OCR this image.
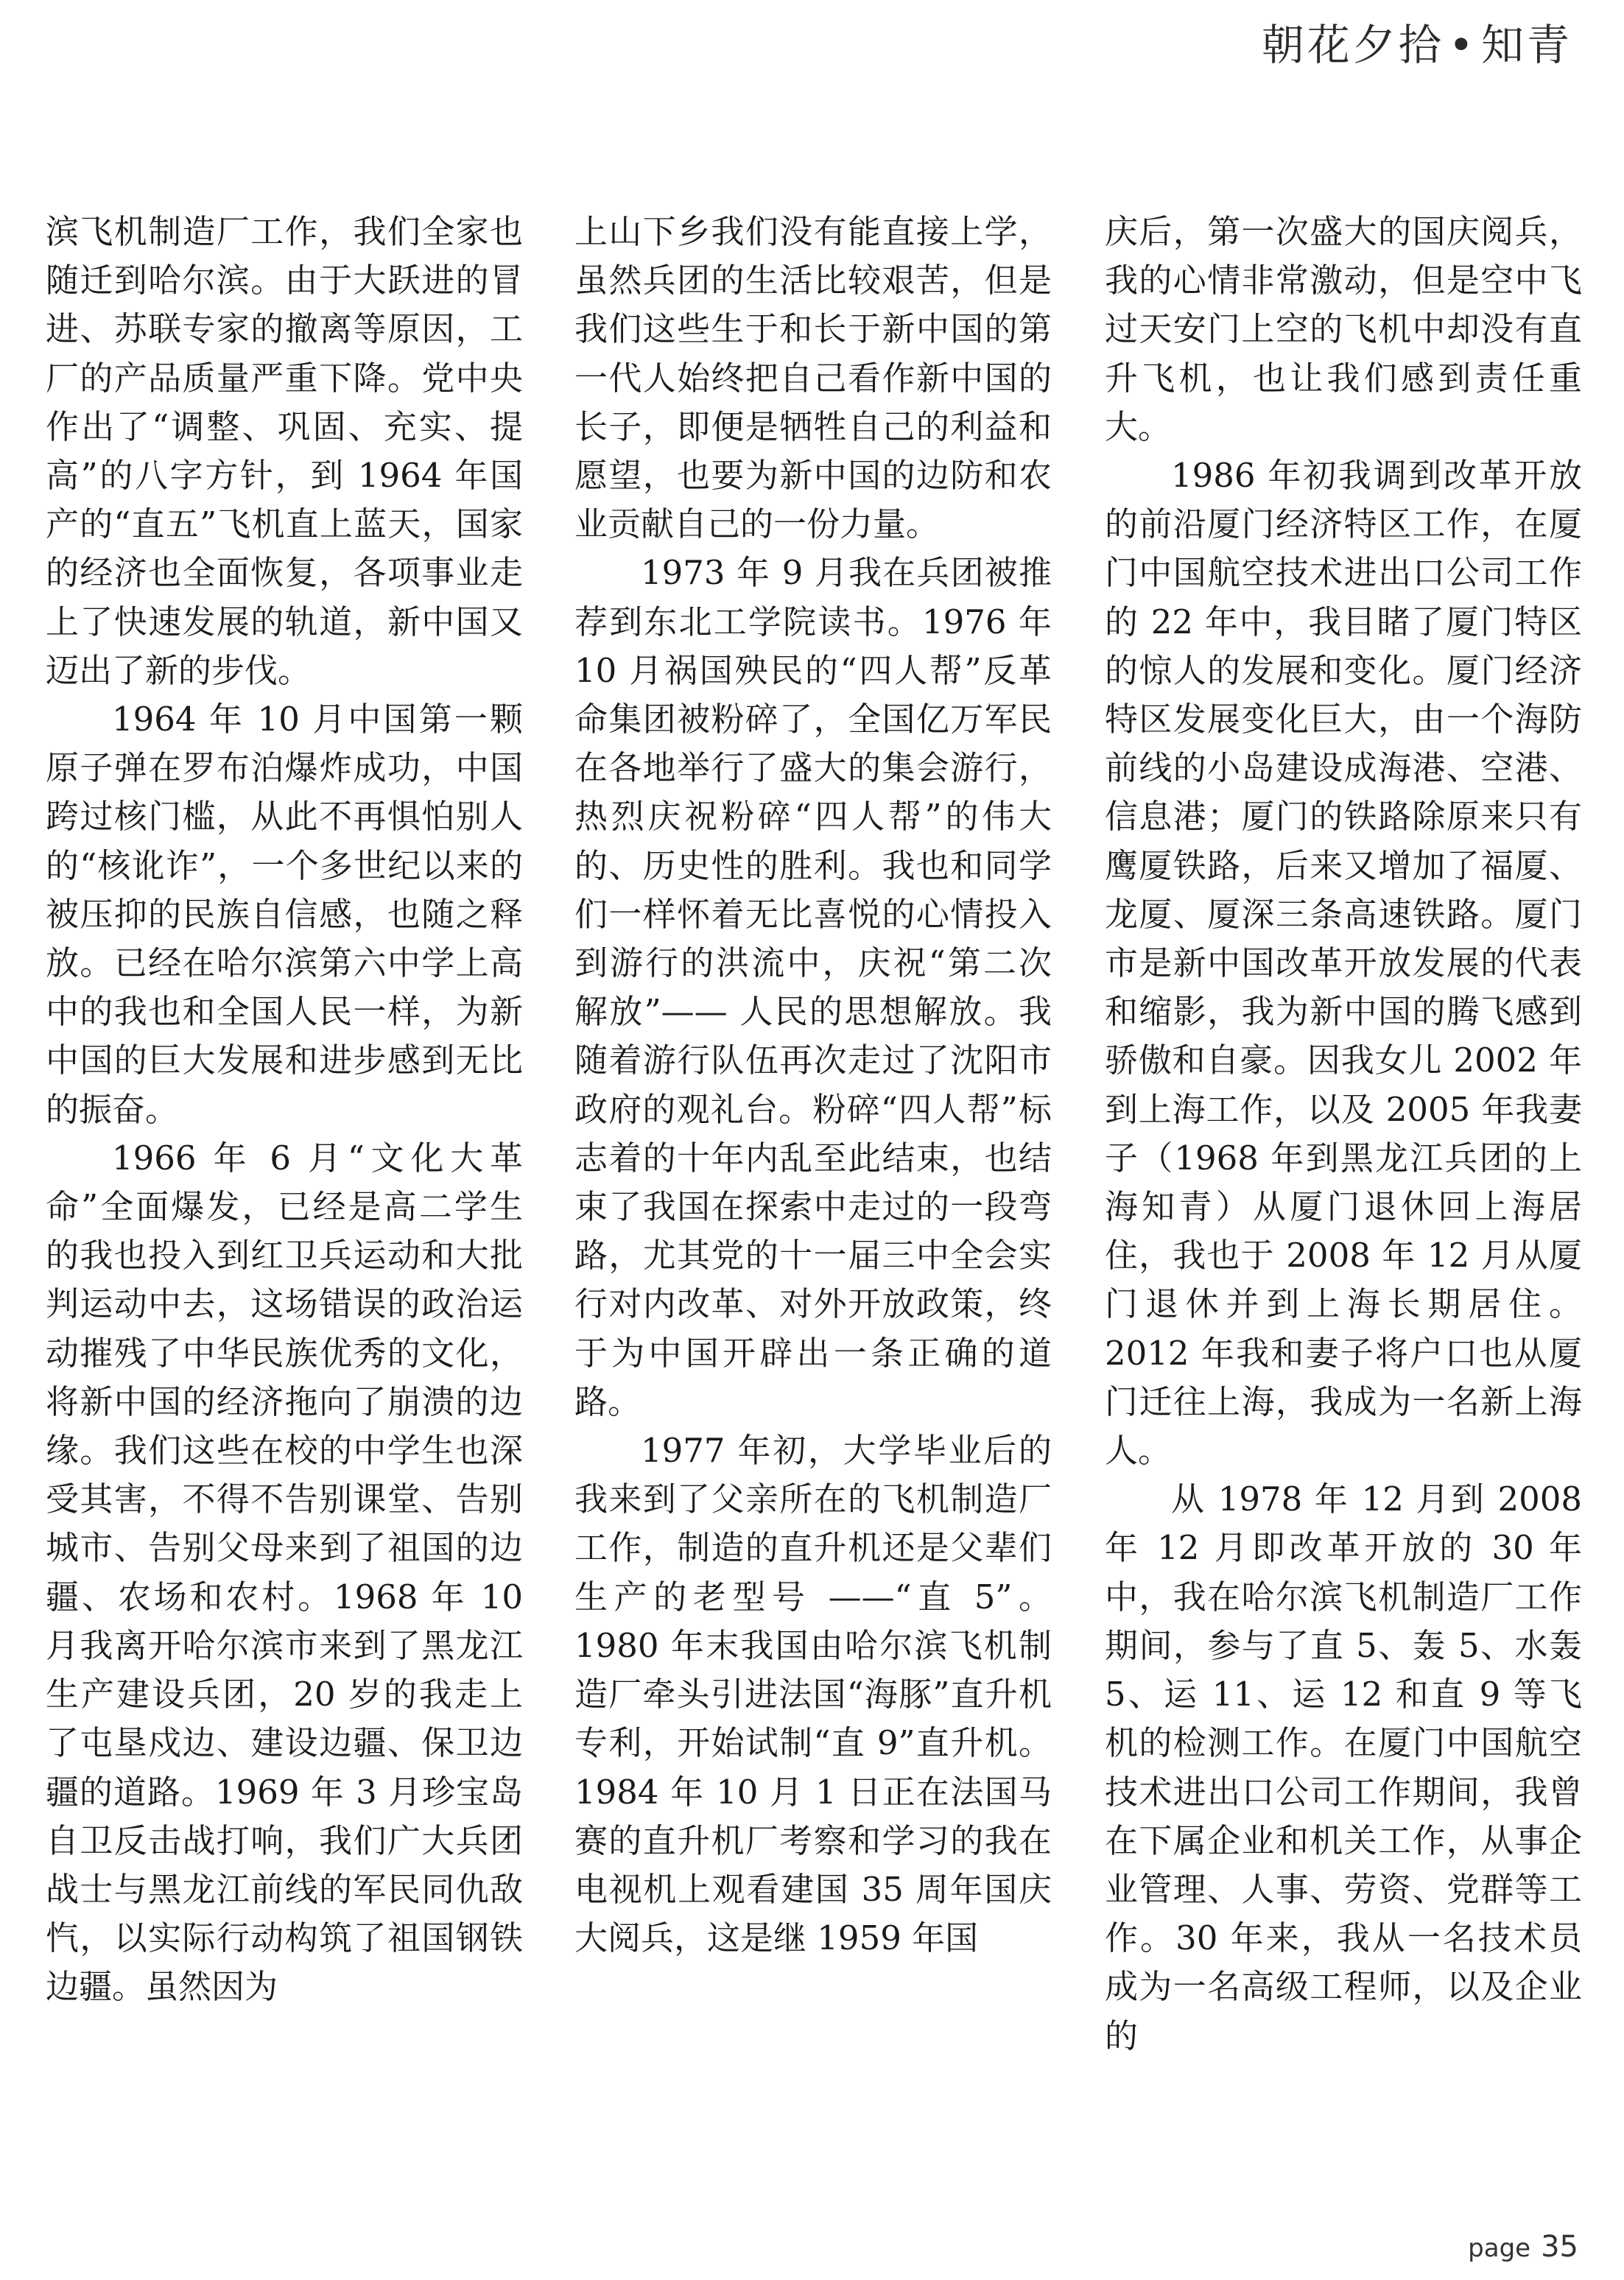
朝花夕拾 • 知青

滨飞机制造厂工作，我们全家也随迁到哈尔滨。由于大跃进的冒进、苏联专家的撤离等原因，工厂的产品质量严重下降。党中央作出了“调整、巩固、充实、提高”的八字方针，到 1964 年国产的“直五”飞机直上蓝天，国家的经济也全面恢复，各项事业走上了快速发展的轨道，新中国又迈出了新的步伐。

1964 年 10 月中国第一颗原子弹在罗布泊爆炸成功，中国跨过核门槛，从此不再惧怕别人的“核讹诈”，一个多世纪以来的被压抑的民族自信感，也随之释放。已经在哈尔滨第六中学上高中的我也和全国人民一样，为新中国的巨大发展和进步感到无比的振奋。

1966 年 6 月“文化大革命”全面爆发，已经是高二学生的我也投入到红卫兵运动和大批判运动中去，这场错误的政治运动摧残了中华民族优秀的文化，将新中国的经济拖向了崩溃的边缘。我们这些在校的中学生也深受其害，不得不告别课堂、告别城市、告别父母来到了祖国的边疆、农场和农村。1968 年 10 月我离开哈尔滨市来到了黑龙江生产建设兵团，20 岁的我走上了屯垦戍边、建设边疆、保卫边疆的道路。1969 年 3 月珍宝岛自卫反击战打响，我们广大兵团战士与黑龙江前线的军民同仇敌忾，以实际行动构筑了祖国钢铁边疆。虽然因为

上山下乡我们没有能直接上学，虽然兵团的生活比较艰苦，但是我们这些生于和长于新中国的第一代人始终把自己看作新中国的长子，即便是牺牲自己的利益和愿望，也要为新中国的边防和农业贡献自己的一份力量。

1973 年 9 月我在兵团被推荐到东北工学院读书。1976 年 10 月祸国殃民的“四人帮”反革命集团被粉碎了，全国亿万军民在各地举行了盛大的集会游行，热烈庆祝粉碎“四人帮”的伟大的、历史性的胜利。我也和同学们一样怀着无比喜悦的心情投入到游行的洪流中，庆祝“第二次解放”—— 人民的思想解放。我随着游行队伍再次走过了沈阳市政府的观礼台。粉碎“四人帮”标志着的十年内乱至此结束，也结束了我国在探索中走过的一段弯路，尤其党的十一届三中全会实行对内改革、对外开放政策，终于为中国开辟出一条正确的道路。

1977 年初，大学毕业后的我来到了父亲所在的飞机制造厂工作，制造的直升机还是父辈们生产的老型号 ——“直 5”。1980 年末我国由哈尔滨飞机制造厂牵头引进法国“海豚”直升机专利，开始试制“直 9”直升机。1984 年 10 月 1 日正在法国马赛的直升机厂考察和学习的我在电视机上观看建国 35 周年国庆大阅兵，这是继 1959 年国

庆后，第一次盛大的国庆阅兵，我的心情非常激动，但是空中飞过天安门上空的飞机中却没有直升飞机，也让我们感到责任重大。

1986 年初我调到改革开放的前沿厦门经济特区工作，在厦门中国航空技术进出口公司工作的 22 年中，我目睹了厦门特区的惊人的发展和变化。厦门经济特区发展变化巨大，由一个海防前线的小岛建设成海港、空港、信息港；厦门的铁路除原来只有鹰厦铁路，后来又增加了福厦、龙厦、厦深三条高速铁路。厦门市是新中国改革开放发展的代表和缩影，我为新中国的腾飞感到骄傲和自豪。因我女儿 2002 年到上海工作，以及 2005 年我妻子（1968 年到黑龙江兵团的上海知青）从厦门退休回上海居住，我也于 2008 年 12 月从厦门退休并到上海长期居住。2012 年我和妻子将户口也从厦门迁往上海，我成为一名新上海人。

从 1978 年 12 月到 2008 年 12 月即改革开放的 30 年中，我在哈尔滨飞机制造厂工作期间，参与了直 5、轰 5、水轰 5、运 11、运 12 和直 9 等飞机的检测工作。在厦门中国航空技术进出口公司工作期间，我曾在下属企业和机关工作，从事企业管理、人事、劳资、党群等工作。30 年来，我从一名技术员成为一名高级工程师，以及企业的

page 35
